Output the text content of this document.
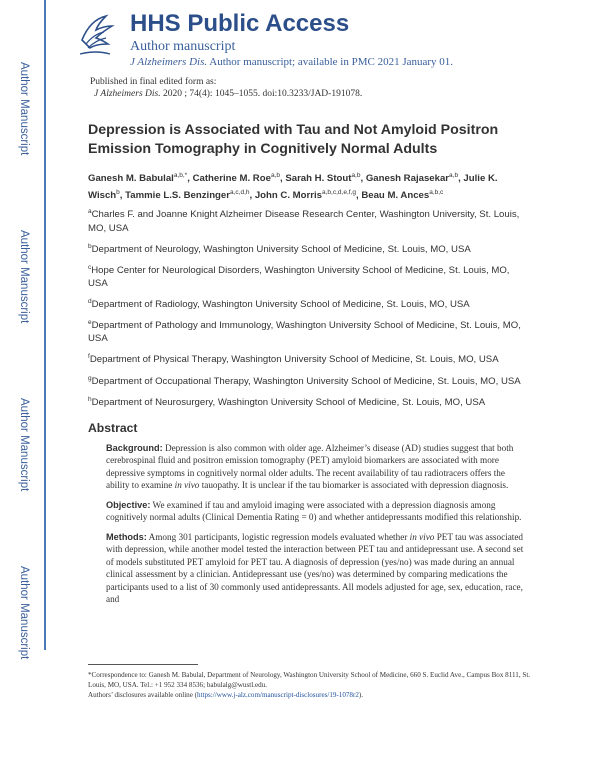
Author Manuscript
Author Manuscript
Author Manuscript
Author Manuscript
HHS Public Access
Author manuscript
J Alzheimers Dis. Author manuscript; available in PMC 2021 January 01.
Published in final edited form as:
J Alzheimers Dis. 2020 ; 74(4): 1045–1055. doi:10.3233/JAD-191078.
Depression is Associated with Tau and Not Amyloid Positron Emission Tomography in Cognitively Normal Adults
Ganesh M. Babulal$^{a,b,*}$, Catherine M. Roe$^{a,b}$, Sarah H. Stout$^{a,b}$, Ganesh Rajasekar$^{a,b}$, Julie K. Wisch$^b$, Tammie L.S. Benzinger$^{a,c,d,h}$, John C. Morris$^{a,b,c,d,e,f,g}$, Beau M. Ances$^{a,b,c}$
$^a$Charles F. and Joanne Knight Alzheimer Disease Research Center, Washington University, St. Louis, MO, USA
$^b$Department of Neurology, Washington University School of Medicine, St. Louis, MO, USA
$^c$Hope Center for Neurological Disorders, Washington University School of Medicine, St. Louis, MO, USA
$^d$Department of Radiology, Washington University School of Medicine, St. Louis, MO, USA
$^e$Department of Pathology and Immunology, Washington University School of Medicine, St. Louis, MO, USA
$^f$Department of Physical Therapy, Washington University School of Medicine, St. Louis, MO, USA
$^g$Department of Occupational Therapy, Washington University School of Medicine, St. Louis, MO, USA
$^h$Department of Neurosurgery, Washington University School of Medicine, St. Louis, MO, USA
Abstract

Background: Depression is also common with older age. Alzheimer’s disease (AD) studies suggest that both cerebrospinal fluid and positron emission tomography (PET) amyloid biomarkers are associated with more depressive symptoms in cognitively normal older adults. The recent availability of tau radiotracers offers the ability to examine in vivo tauopathy. It is unclear if the tau biomarker is associated with depression diagnosis.

Objective: We examined if tau and amyloid imaging were associated with a depression diagnosis among cognitively normal adults (Clinical Dementia Rating = 0) and whether antidepressants modified this relationship.

Methods: Among 301 participants, logistic regression models evaluated whether in vivo PET tau was associated with depression, while another model tested the interaction between PET tau and antidepressant use. A second set of models substituted PET amyloid for PET tau. A diagnosis of depression (yes/no) was made during an annual clinical assessment by a clinician. Antidepressant use (yes/no) was determined by comparing medications the participants used to a list of 30 commonly used antidepressants. All models adjusted for age, sex, education, race, and

*Correspondence to: Ganesh M. Babulal, Department of Neurology, Washington University School of Medicine, 660 S. Euclid Ave., Campus Box 8111, St. Louis, MO, USA. Tel.: +1 952 334 8536; babulalg@wustl.edu.
Authors’ disclosures available online (https://www.j-alz.com/manuscript-disclosures/19-1078r2).
